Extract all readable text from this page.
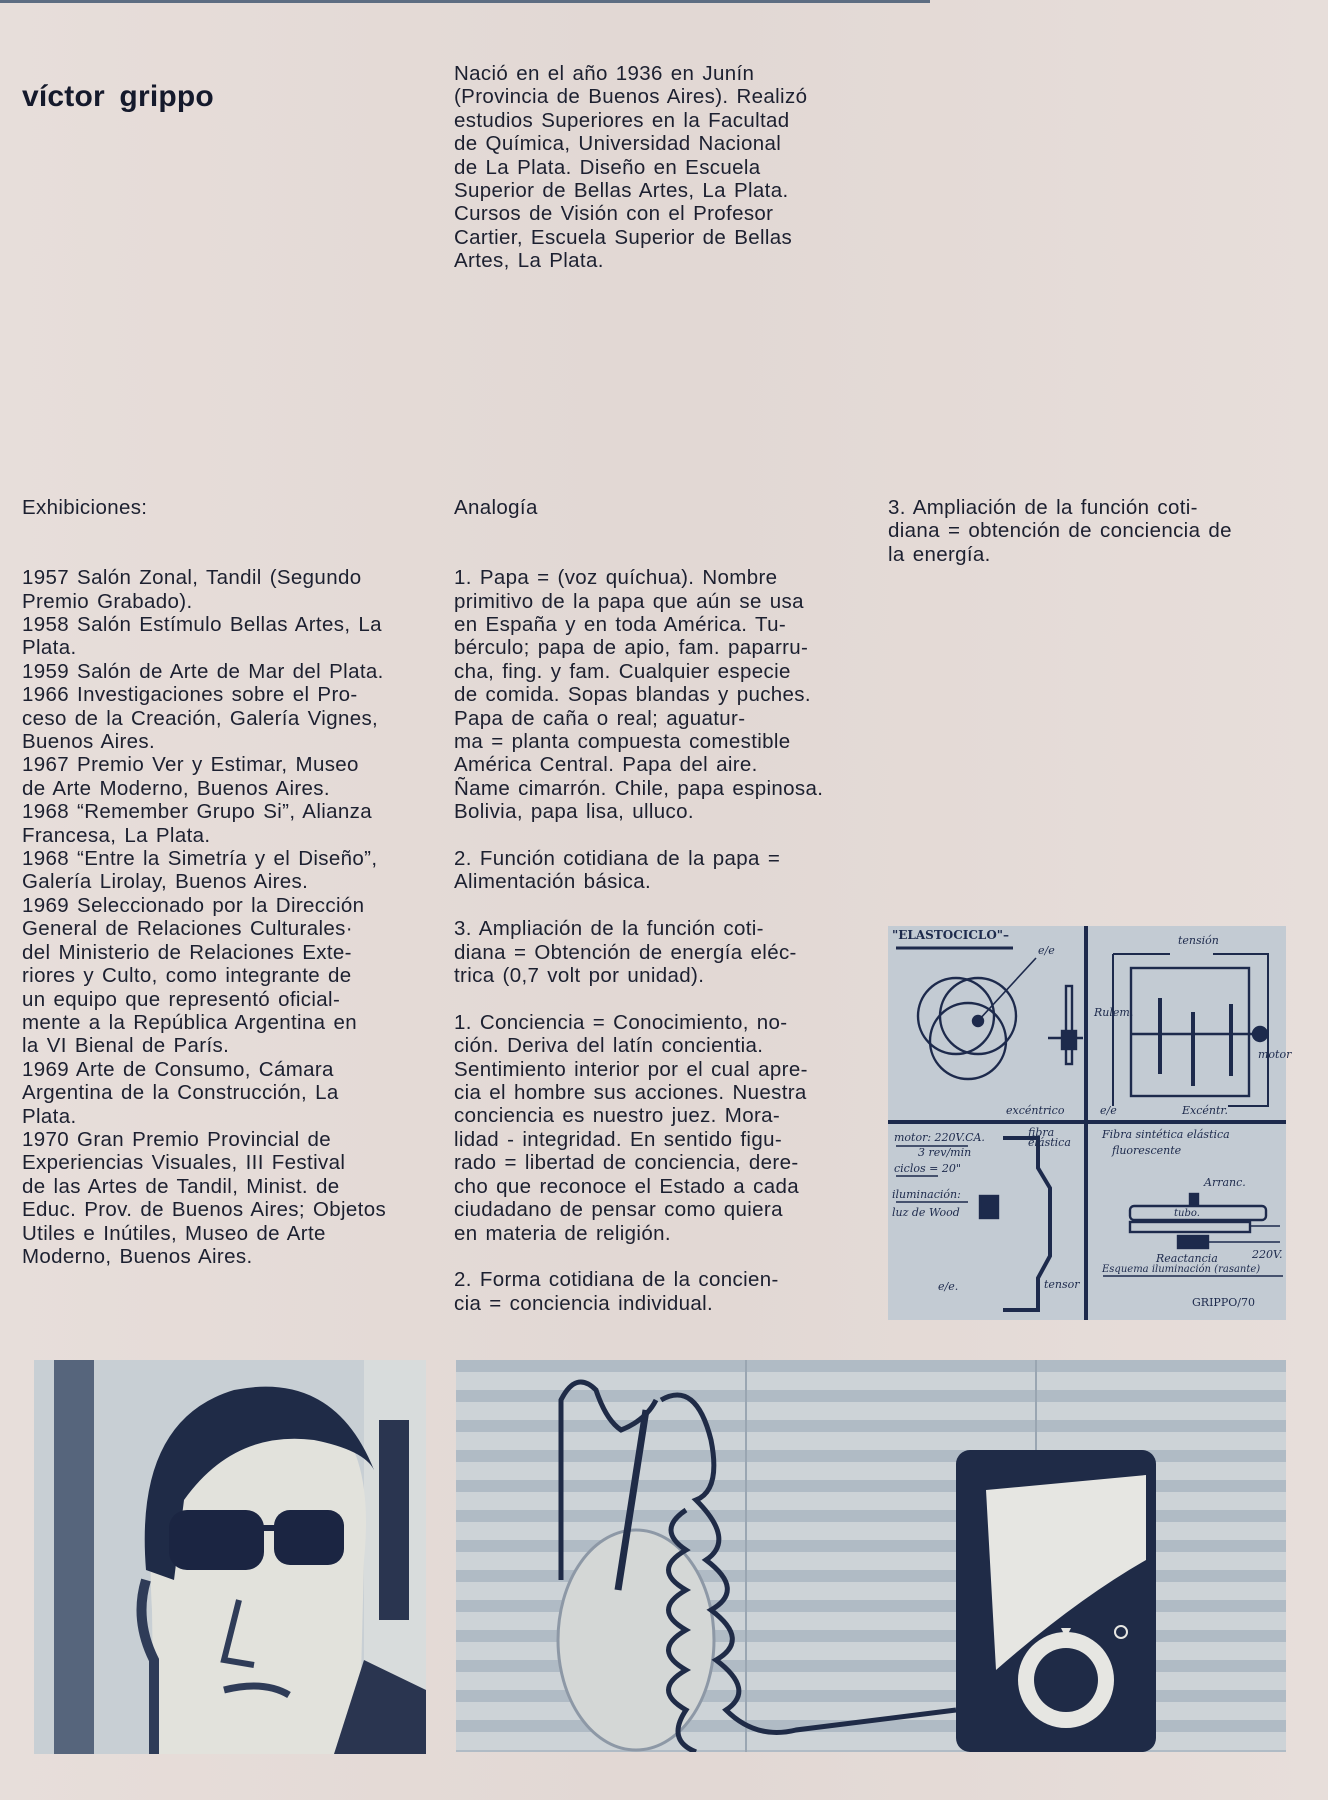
víctor grippo
Nació en el año 1936 en Junín
(Provincia de Buenos Aires). Realizó
estudios Superiores en la Facultad
de Química, Universidad Nacional
de La Plata. Diseño en Escuela
Superior de Bellas Artes, La Plata.
Cursos de Visión con el Profesor
Cartier, Escuela Superior de Bellas
Artes, La Plata.
Exhibiciones:
1957 Salón Zonal, Tandil (Segundo
Premio Grabado).
1958 Salón Estímulo Bellas Artes, La
Plata.
1959 Salón de Arte de Mar del Plata.
1966 Investigaciones sobre el Pro-
ceso de la Creación, Galería Vignes,
Buenos Aires.
1967 Premio Ver y Estimar, Museo
de Arte Moderno, Buenos Aires.
1968 “Remember Grupo Si”, Alianza
Francesa, La Plata.
1968 “Entre la Simetría y el Diseño”,
Galería Lirolay, Buenos Aires.
1969 Seleccionado por la Dirección
General de Relaciones Culturales·
del Ministerio de Relaciones Exte-
riores y Culto, como integrante de
un equipo que representó oficial-
mente a la República Argentina en
la VI Bienal de París.
1969 Arte de Consumo, Cámara
Argentina de la Construcción, La
Plata.
1970 Gran Premio Provincial de
Experiencias Visuales, III Festival
de las Artes de Tandil, Minist. de
Educ. Prov. de Buenos Aires; Objetos
Utiles e Inútiles, Museo de Arte
Moderno, Buenos Aires.
Analogía
1. Papa = (voz quíchua). Nombre
primitivo de la papa que aún se usa
en España y en toda América. Tu-
bérculo; papa de apio, fam. paparru-
cha, fing. y fam. Cualquier especie
de comida. Sopas blandas y puches.
Papa de caña o real; aguatur-
ma = planta compuesta comestible
América Central. Papa del aire.
Ñame cimarrón. Chile, papa espinosa.
Bolivia, papa lisa, ulluco.
2. Función cotidiana de la papa =
Alimentación básica.
3. Ampliación de la función coti-
diana = Obtención de energía eléc-
trica (0,7 volt por unidad).
1. Conciencia = Conocimiento, no-
ción. Deriva del latín concientia.
Sentimiento interior por el cual apre-
cia el hombre sus acciones. Nuestra
conciencia es nuestro juez. Mora-
lidad - integridad. En sentido figu-
rado = libertad de conciencia, dere-
cho que reconoce el Estado a cada
ciudadano de pensar como quiera
en materia de religión.
2. Forma cotidiana de la concien-
cia = conciencia individual.
3. Ampliación de la función coti-
diana = obtención de conciencia de
la energía.
"ELASTOCICLO"–
e/e
excéntrico
tensión
Rulem.
motor
e/e	Excéntr.
motor: 220V.CA.
3 rev/min
ciclos = 20"
iluminación:
luz de Wood
fibra elástica
e/e.	tensor
Fibra sintética elástica
fluorescente
Arranc.
tubo.
220V.
Reactancia
Esquema iluminación (rasante)
GRIPPO/70
